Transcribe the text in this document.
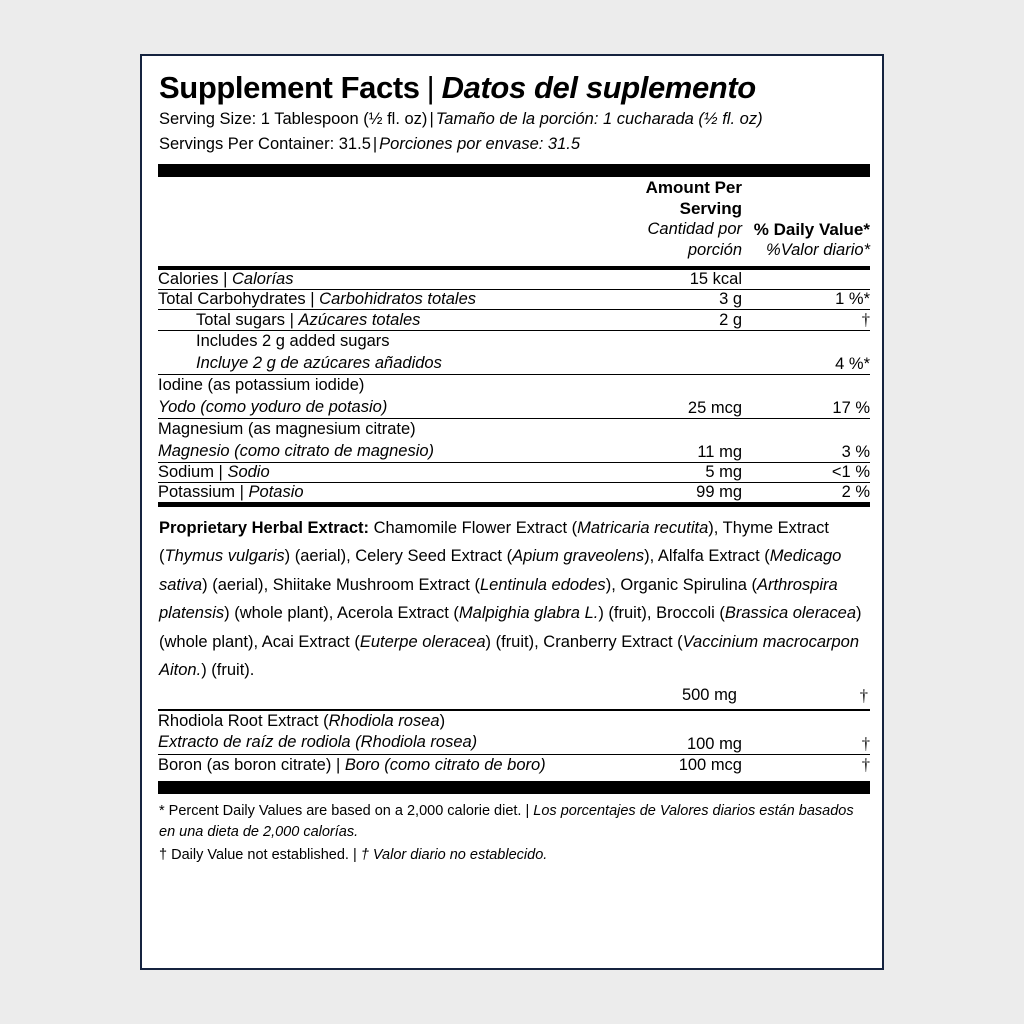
Supplement Facts | Datos del suplemento
Serving Size: 1 Tablespoon (½ fl. oz) | Tamaño de la porción: 1 cucharada (½ fl. oz)
Servings Per Container: 31.5 | Porciones por envase: 31.5
	Amount Per Serving
Cantidad por porción
	% Daily Value*
%Valor diario*

Calories | Calorías	15 kcal	
Total Carbohydrates | Carbohidratos totales	3 g	1 %*
Total sugars | Azúcares totales	2 g	†

Includes 2 g added sugars
Incluye 2 g de azúcares añadidos		4 %*

Iodine (as potassium iodide)
Yodo (como yoduro de potasio)	25 mcg	17 %

Magnesium (as magnesium citrate)
Magnesio (como citrato de magnesio)	11 mg	3 %
Sodium | Sodio	5 mg	<1 %
Potassium | Potasio	99 mg	2 %
Proprietary Herbal Extract: Chamomile Flower Extract (Matricaria recutita), Thyme Extract (Thymus vulgaris) (aerial), Celery Seed Extract (Apium graveolens), Alfalfa Extract (Medicago sativa) (aerial), Shiitake Mushroom Extract (Lentinula edodes), Organic Spirulina (Arthrospira platensis) (whole plant), Acerola Extract (Malpighia glabra L.) (fruit), Broccoli (Brassica oleracea) (whole plant), Acai Extract (Euterpe oleracea) (fruit), Cranberry Extract (Vaccinium macrocarpon Aiton.) (fruit).
500 mg	†
Rhodiola Root Extract (Rhodiola rosea)
Extracto de raíz de rodiola (Rhodiola rosea)	100 mg	†
Boron (as boron citrate) | Boro (como citrato de boro)	100 mcg	†
* Percent Daily Values are based on a 2,000 calorie diet. | Los porcentajes de Valores diarios están basados en una dieta de 2,000 calorías.
† Daily Value not established. | † Valor diario no establecido.
